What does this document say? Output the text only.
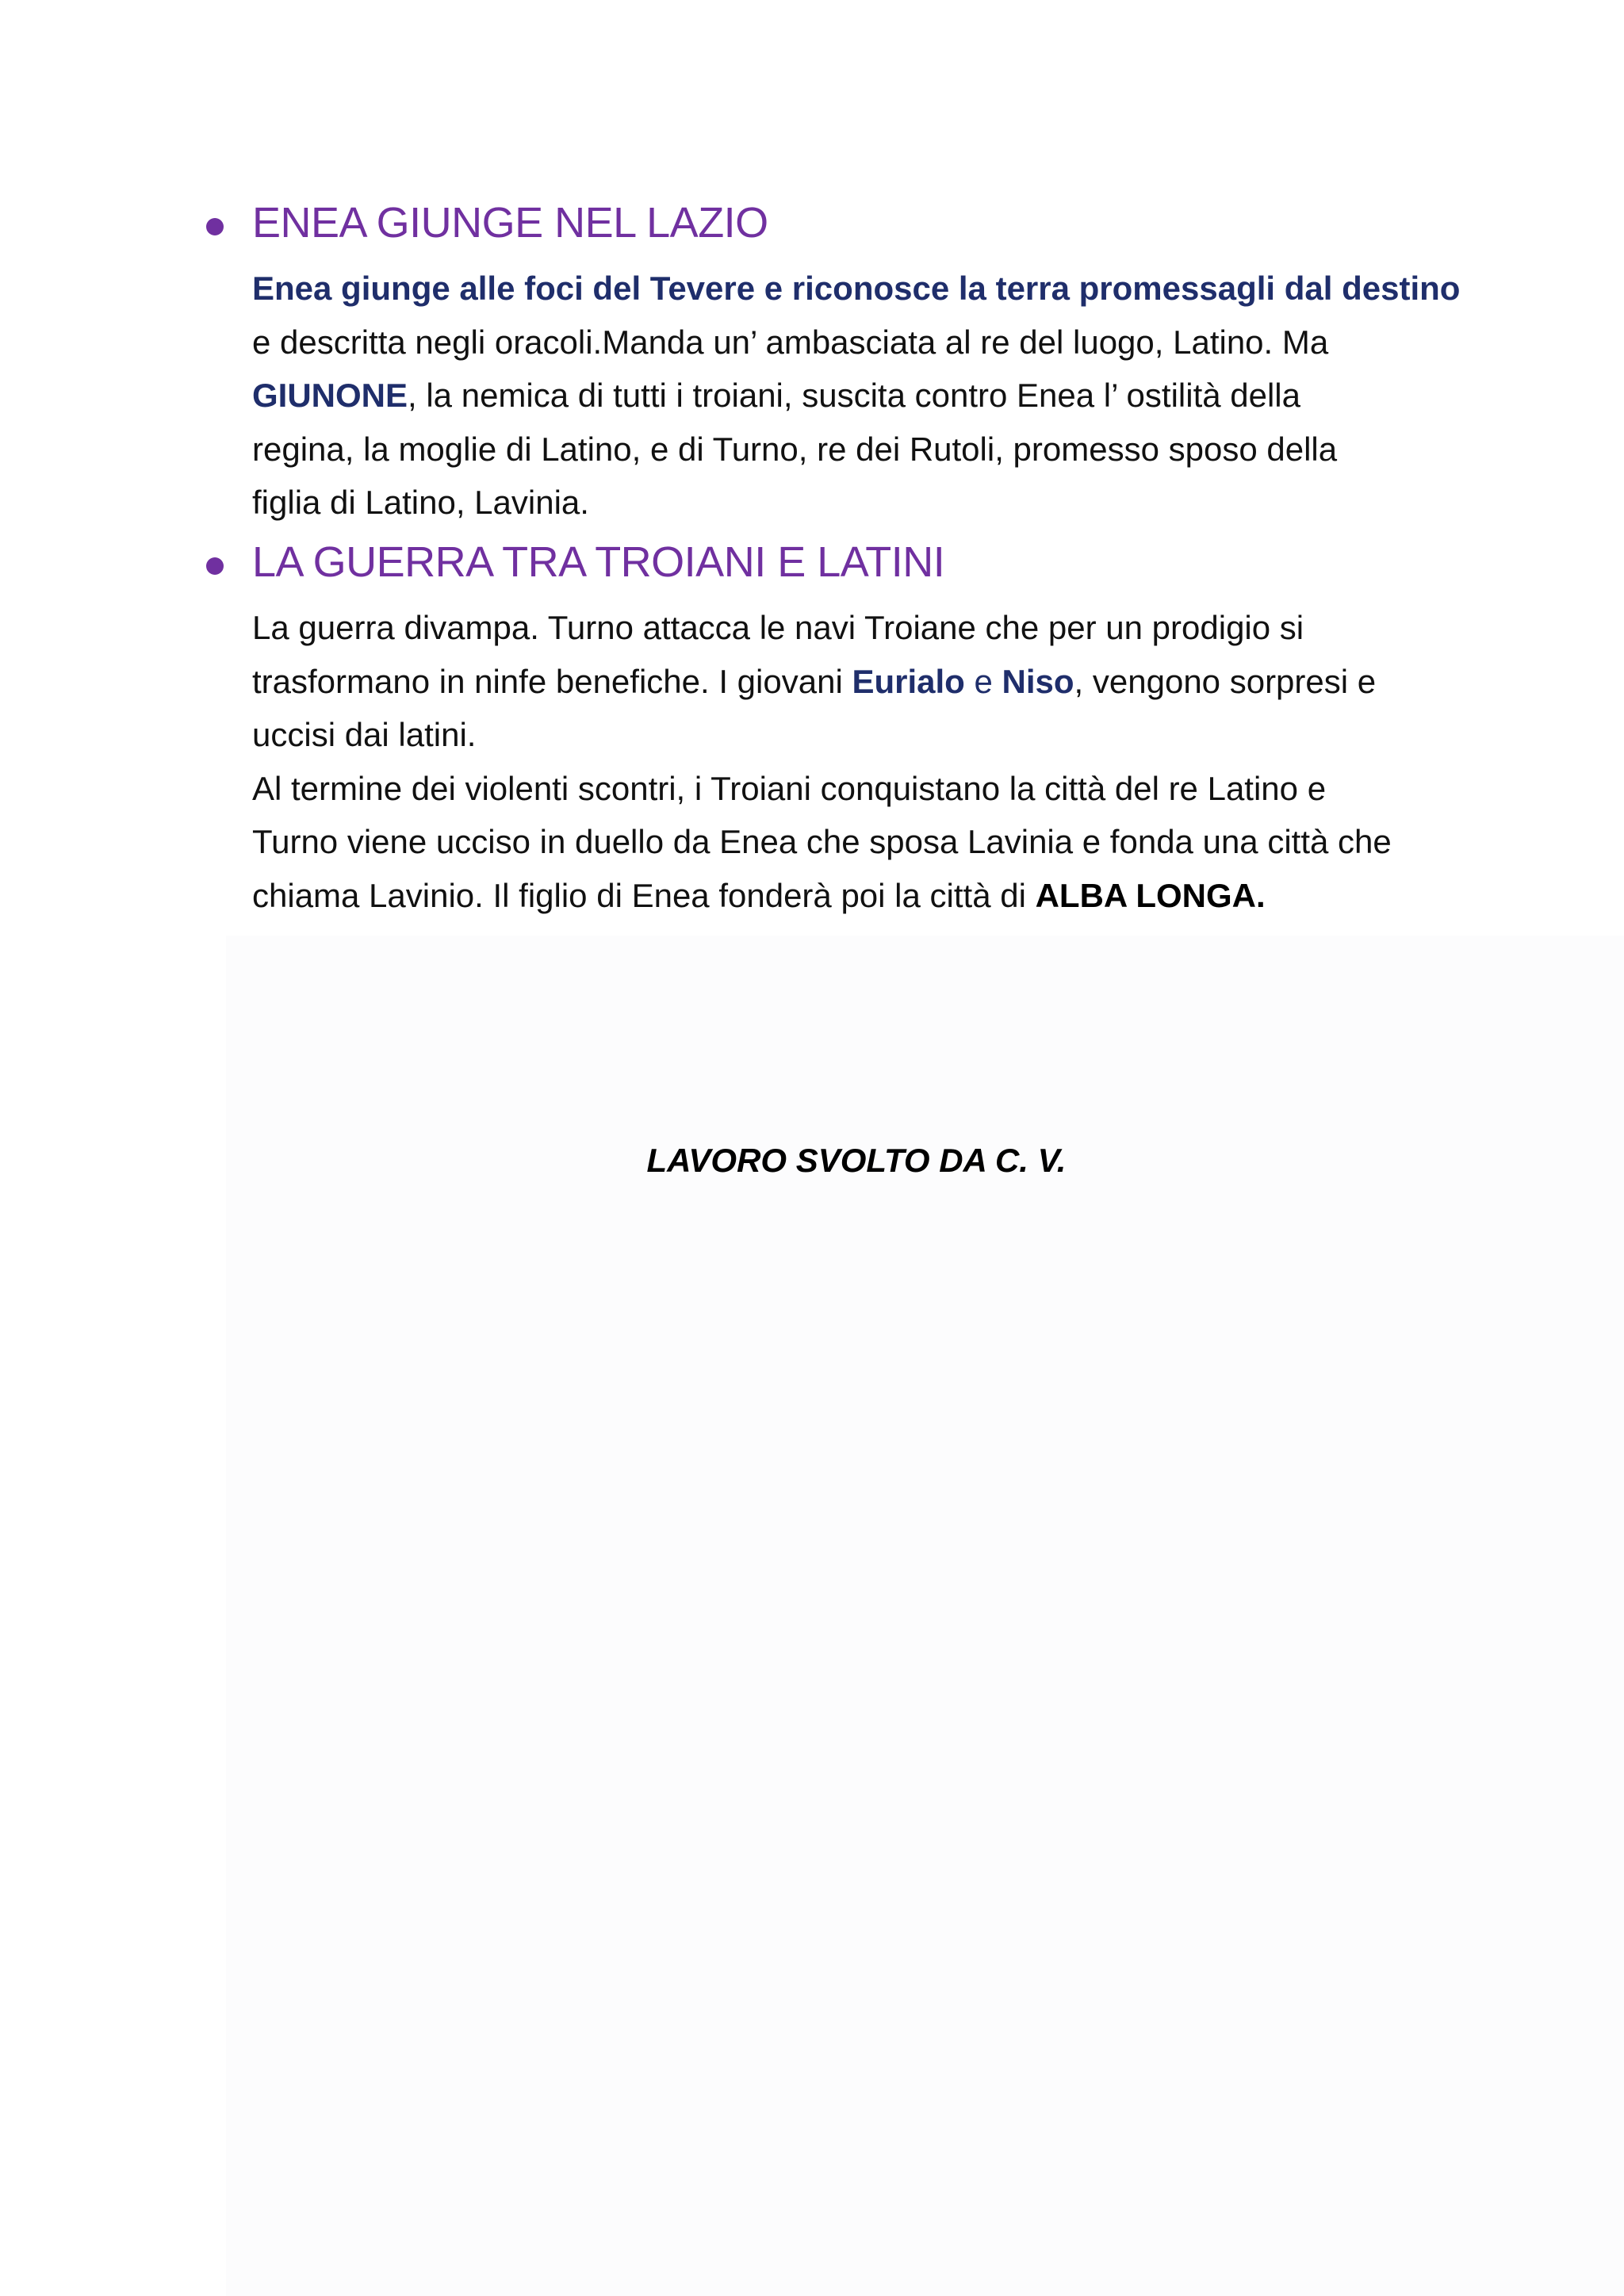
ENEA GIUNGE NEL LAZIO
Enea giunge alle foci del Tevere e riconosce la terra promessagli dal destino
e descritta negli oracoli.Manda un’ ambasciata al re del luogo, Latino. Ma
GIUNONE, la nemica di tutti i troiani, suscita contro Enea l’ ostilità della
regina, la moglie di Latino, e di Turno, re dei Rutoli, promesso sposo della
figlia di Latino, Lavinia.
LA GUERRA TRA TROIANI E LATINI
La guerra divampa. Turno attacca le navi Troiane che per un prodigio si
trasformano in ninfe benefiche. I giovani Eurialo e Niso, vengono sorpresi e
uccisi dai latini.
Al termine dei violenti scontri, i Troiani conquistano la città del re Latino e
Turno viene ucciso in duello da Enea che sposa Lavinia e fonda una città che
chiama Lavinio. Il figlio di Enea fonderà poi la città di ALBA LONGA.

LAVORO SVOLTO DA C. V.
